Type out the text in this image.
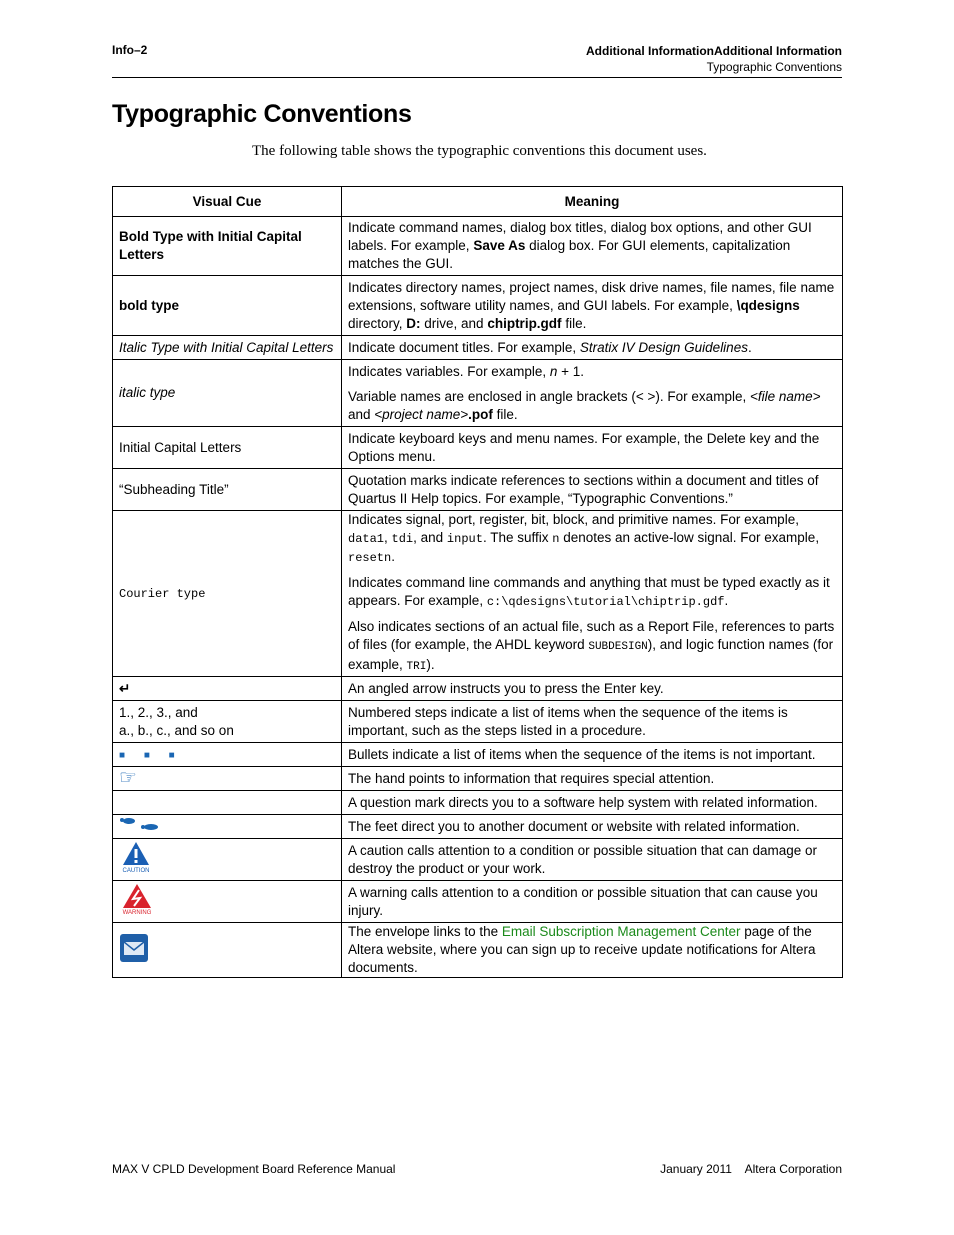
Info–2	Additional InformationAdditional Information
Typographic Conventions
Typographic Conventions
The following table shows the typographic conventions this document uses.
Visual Cue	Meaning
Bold Type with Initial Capital Letters	Indicate command names, dialog box titles, dialog box options, and other GUI labels. For example, Save As dialog box. For GUI elements, capitalization matches the GUI.
bold type	Indicates directory names, project names, disk drive names, file names, file name extensions, software utility names, and GUI labels. For example, \qdesigns directory, D: drive, and chiptrip.gdf file.
Italic Type with Initial Capital Letters	Indicate document titles. For example, Stratix IV Design Guidelines.
italic type	Indicates variables. For example, n + 1.

Variable names are enclosed in angle brackets (< >). For example, <file name> and <project name>.pof file.

Initial Capital Letters	Indicate keyboard keys and menu names. For example, the Delete key and the Options menu.
“Subheading Title”	Quotation marks indicate references to sections within a document and titles of Quartus II Help topics. For example, “Typographic Conventions.”
Courier type	Indicates signal, port, register, bit, block, and primitive names. For example, data1, tdi, and input. The suffix n denotes an active-low signal. For example, resetn.

Indicates command line commands and anything that must be typed exactly as it appears. For example, c:\qdesigns\tutorial\chiptrip.gdf.

Also indicates sections of an actual file, such as a Report File, references to parts of files (for example, the AHDL keyword SUBDESIGN), and logic function names (for example, TRI).

↵	An angled arrow instructs you to press the Enter key.

1., 2., 3., and
a., b., c., and so on	Numbered steps indicate a list of items when the sequence of the items is important, such as the steps listed in a procedure.
■ ■ ■	Bullets indicate a list of items when the sequence of the items is not important.
☞	The hand points to information that requires special attention.
	A question mark directs you to a software help system with related information.
	The feet direct you to another document or website with related information.

CAUTION	A caution calls attention to a condition or possible situation that can damage or destroy the product or your work.

WARNING	A warning calls attention to a condition or possible situation that can cause you injury.
	The envelope links to the Email Subscription Management Center page of the Altera website, where you can sign up to receive update notifications for Altera documents.
MAX V CPLD Development Board Reference Manual	January 2011    Altera Corporation
